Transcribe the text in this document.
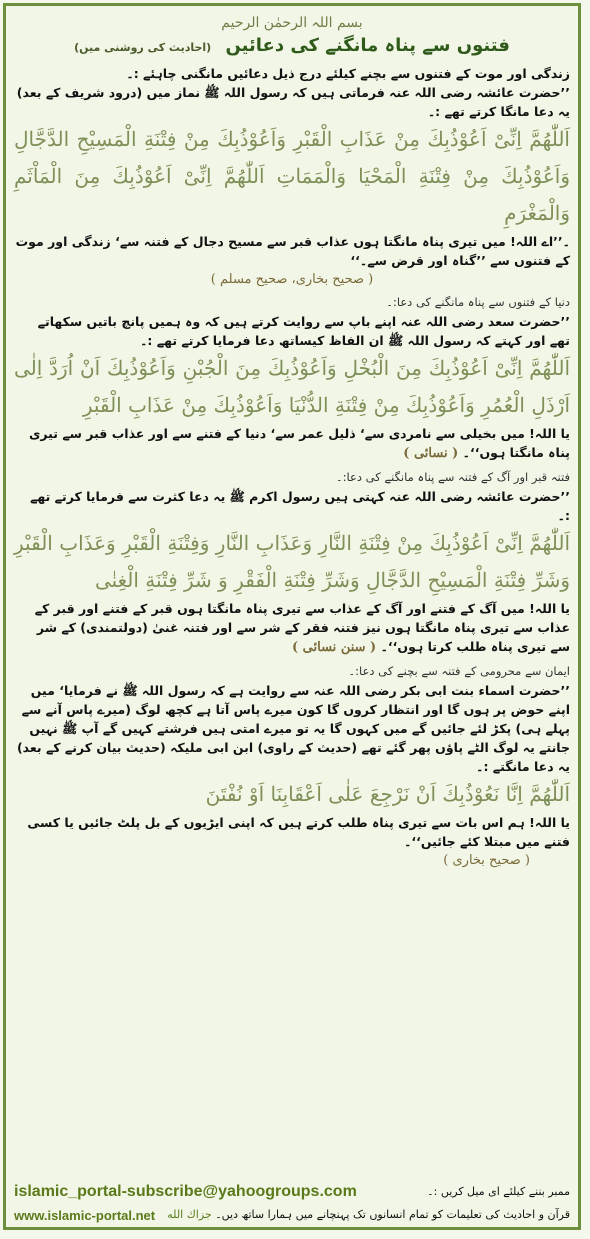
بسم اللہ الرحمٰن الرحیم
فتنوں سے پناہ مانگنے کی دعائیں (احادیث کی روشنی میں)
زندگی اور موت کے فتنوں سے بچنے کیلئے درج ذیل دعائیں مانگنی چاہئے :۔
’’حضرت عائشہ رضی اللہ عنہ فرماتی ہیں کہ رسول اللہ ﷺ نماز میں (درود شریف کے بعد) یہ دعا مانگا کرتے تھے :۔
اَللّٰهُمَّ اِنِّیْ اَعُوْذُبِكَ مِنْ عَذَابِ الْقَبْرِ وَاَعُوْذُبِكَ مِنْ فِتْنَةِ الْمَسِيْحِ الدَّجَّالِ وَاَعُوْذُبِكَ مِنْ فِتْنَةِ الْمَحْيَا وَالْمَمَاتِ اَللّٰهُمَّ اِنِّیْ اَعُوْذُبِكَ مِنَ الْمَاْثَمِ وَالْمَغْرَمِ
۔’’اے اللہ! میں تیری پناہ مانگتا ہوں عذاب قبر سے مسیح دجال کے فتنہ سے‘ زندگی اور موت کے فتنوں سے ’’گناہ اور قرض سے۔‘‘
( صحيح بخاری، صحيح مسلم )
دنیا کے فتنوں سے پناہ مانگنے کی دعا:۔
’’حضرت سعد رضی اللہ عنہ اپنے باپ سے روایت کرتے ہیں کہ وہ ہمیں پانچ باتیں سکھاتے تھے اور کہتے کہ رسول اللہ ﷺ ان الفاظ کیساتھ دعا فرمایا کرتے تھے :۔
اَللّٰهُمَّ اِنِّیْ اَعُوْذُبِكَ مِنَ الْبُخْلِ وَاَعُوْذُبِكَ مِنَ الْجُبْنِ وَاَعُوْذُبِكَ اَنْ اُرَدَّ اِلٰى اَرْذَلِ الْعُمُرِ وَاَعُوْذُبِكَ مِنْ فِتْنَةِ الدُّنْيَا وَاَعُوْذُبِكَ مِنْ عَذَابِ الْقَبْرِ
یا اللہ! میں بخیلی سے نامردی سے‘ ذلیل عمر سے‘ دنیا کے فتنے سے اور عذاب قبر سے تیری پناہ مانگتا ہوں‘‘۔ ( نسائی )
فتنہ قبر اور آگ کے فتنہ سے پناہ مانگنے کی دعا:۔
’’حضرت عائشہ رضی اللہ عنہ کہتی ہیں رسول اکرم ﷺ یہ دعا کثرت سے فرمایا کرتے تھے :۔
اَللّٰهُمَّ اِنِّیْ اَعُوْذُبِكَ مِنْ فِتْنَةِ النَّارِ وَعَذَابِ النَّارِ وَفِتْنَةِ الْقَبْرِ وَعَذَابِ الْقَبْرِ وَشَرِّ فِتْنَةِ الْمَسِيْحِ الدَّجَّالِ وَشَرِّ فِتْنَةِ الْفَقْرِ وَ شَرِّ فِتْنَةِ الْغِنٰى
یا اللہ! میں آگ کے فتنے اور آگ کے عذاب سے تیری پناہ مانگتا ہوں قبر کے فتنے اور قبر کے عذاب سے تیری پناہ مانگتا ہوں نیز فتنہ فقر کے شر سے اور فتنہ غنیٰ (دولتمندی) کے شر سے تیری پناہ طلب کرتا ہوں‘‘۔ ( سنن نسائی )
ایمان سے محرومی کے فتنہ سے بچنے کی دعا:۔
’’حضرت اسماء بنت ابی بکر رضی اللہ عنہ سے روایت ہے کہ رسول اللہ ﷺ نے فرمایا‘ میں اپنے حوض پر ہوں گا اور انتظار کروں گا کون میرے پاس آتا ہے کچھ لوگ (میرے پاس آنے سے پہلے ہی) پکڑ لئے جائیں گے میں کہوں گا یہ تو میرے امتی ہیں فرشتے کہیں گے آپ ﷺ نہیں جانتے یہ لوگ الٹے پاؤں پھر گئے تھے (حدیث کے راوی) ابن ابی ملیکہ (حدیث بیان کرنے کے بعد) یہ دعا مانگتے :۔
اَللّٰهُمَّ اِنَّا نَعُوْذُبِكَ اَنْ نَرْجِعَ عَلٰی اَعْقَابِنَا اَوْ نُفْتَنَ
یا اللہ! ہم اس بات سے تیری پناہ طلب کرتے ہیں کہ اپنی ایڑیوں کے بل پلٹ جائیں یا کسی فتنے میں مبتلا کئے جائیں‘‘۔
( صحيح بخاری )
islamic_portal-subscribe@yahoogroups.com	ممبر بننے کیلئے ای میل کریں :۔
www.islamic-portal.net	قرآن و احادیث کی تعلیمات کو تمام انسانوں تک پہنچانے میں ہمارا ساتھ دیں۔ جزاك الله
